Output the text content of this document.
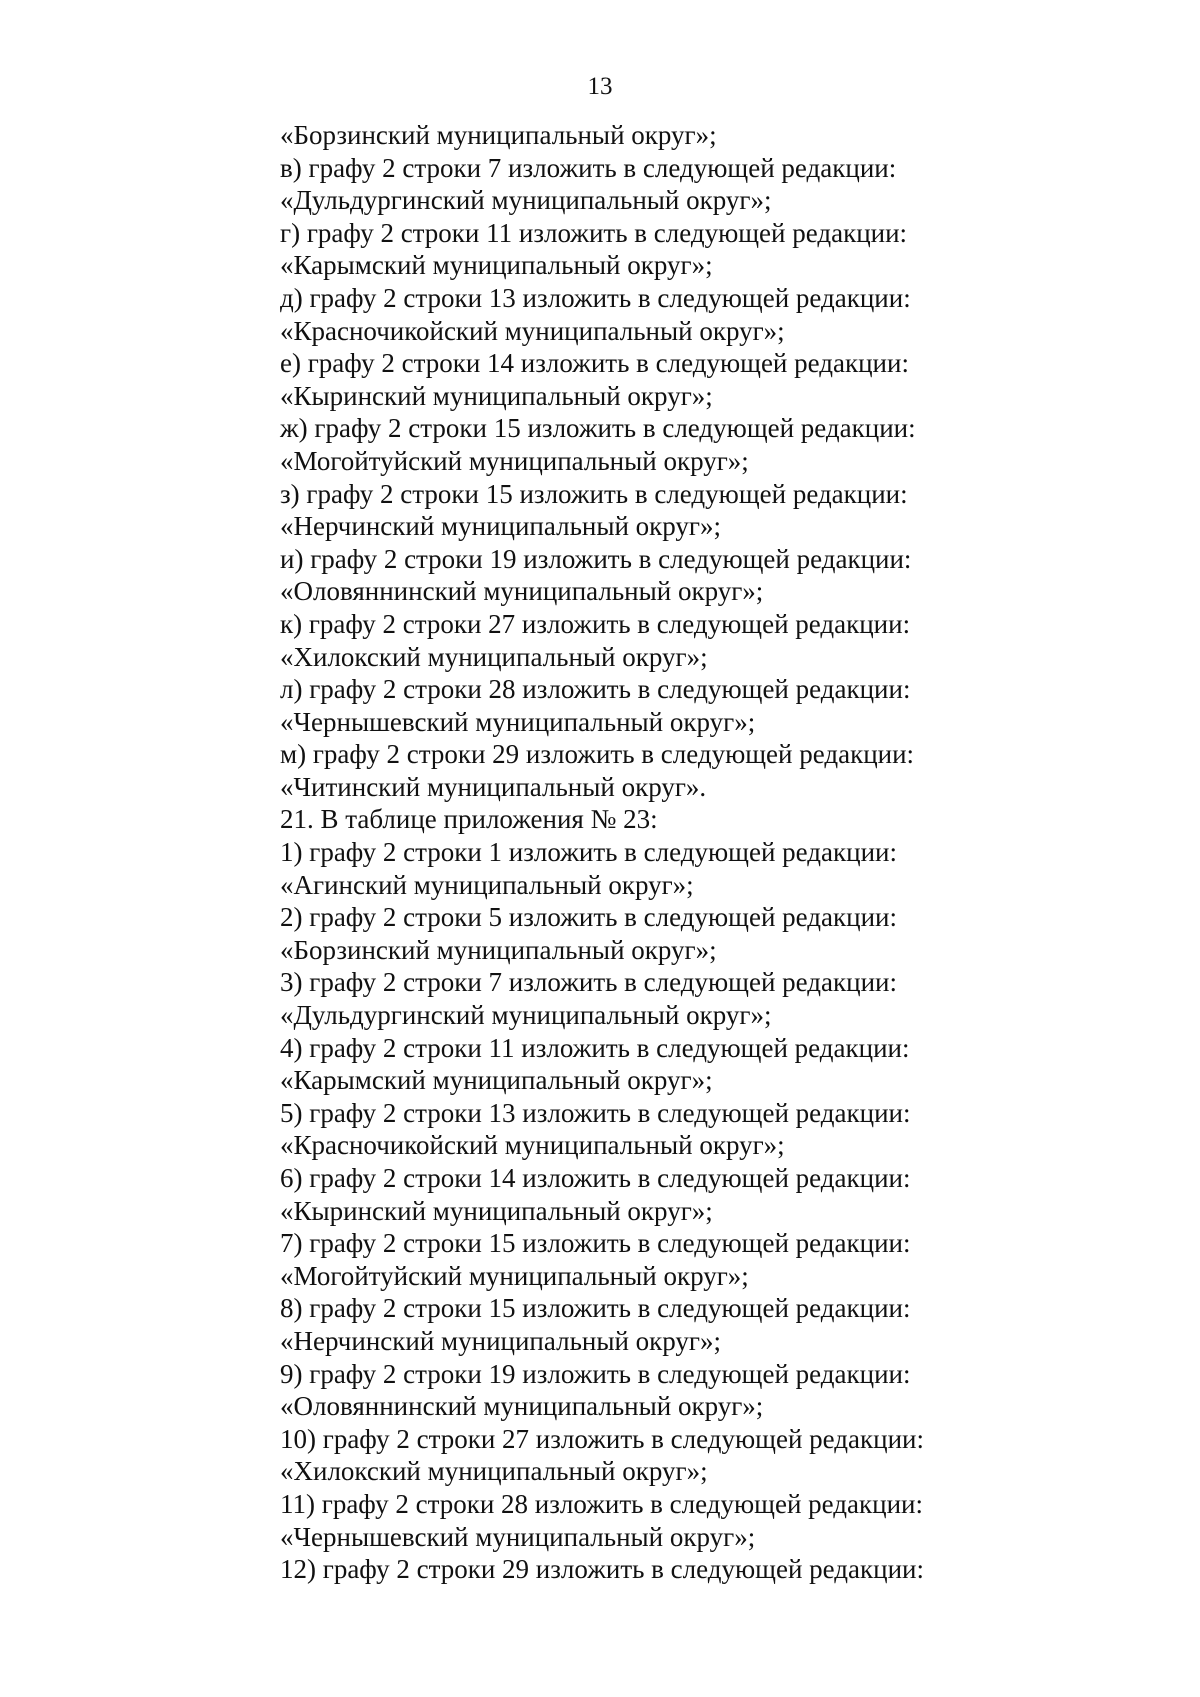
13
«Борзинский муниципальный округ»;
в) графу 2 строки 7 изложить в следующей редакции:
«Дульдургинский муниципальный округ»;
г) графу 2 строки 11 изложить в следующей редакции:
«Карымский муниципальный округ»;
д) графу 2 строки 13 изложить в следующей редакции:
«Красночикойский муниципальный округ»;
е) графу 2 строки 14 изложить в следующей редакции:
«Кыринский муниципальный округ»;
ж) графу 2 строки 15 изложить в следующей редакции:
«Могойтуйский муниципальный округ»;
з) графу 2 строки 15 изложить в следующей редакции:
«Нерчинский муниципальный округ»;
и) графу 2 строки 19 изложить в следующей редакции:
«Оловяннинский муниципальный округ»;
к) графу 2 строки 27 изложить в следующей редакции:
«Хилокский муниципальный округ»;
л) графу 2 строки 28 изложить в следующей редакции:
«Чернышевский муниципальный округ»;
м) графу 2 строки 29 изложить в следующей редакции:
«Читинский муниципальный округ».
21. В таблице приложения № 23:
1) графу 2 строки 1 изложить в следующей редакции:
«Агинский муниципальный округ»;
2) графу 2 строки 5 изложить в следующей редакции:
«Борзинский муниципальный округ»;
3) графу 2 строки 7 изложить в следующей редакции:
«Дульдургинский муниципальный округ»;
4) графу 2 строки 11 изложить в следующей редакции:
«Карымский муниципальный округ»;
5) графу 2 строки 13 изложить в следующей редакции:
«Красночикойский муниципальный округ»;
6) графу 2 строки 14 изложить в следующей редакции:
«Кыринский муниципальный округ»;
7) графу 2 строки 15 изложить в следующей редакции:
«Могойтуйский муниципальный округ»;
8) графу 2 строки 15 изложить в следующей редакции:
«Нерчинский муниципальный округ»;
9) графу 2 строки 19 изложить в следующей редакции:
«Оловяннинский муниципальный округ»;
10) графу 2 строки 27 изложить в следующей редакции:
«Хилокский муниципальный округ»;
11) графу 2 строки 28 изложить в следующей редакции:
«Чернышевский муниципальный округ»;
12) графу 2 строки 29 изложить в следующей редакции:
